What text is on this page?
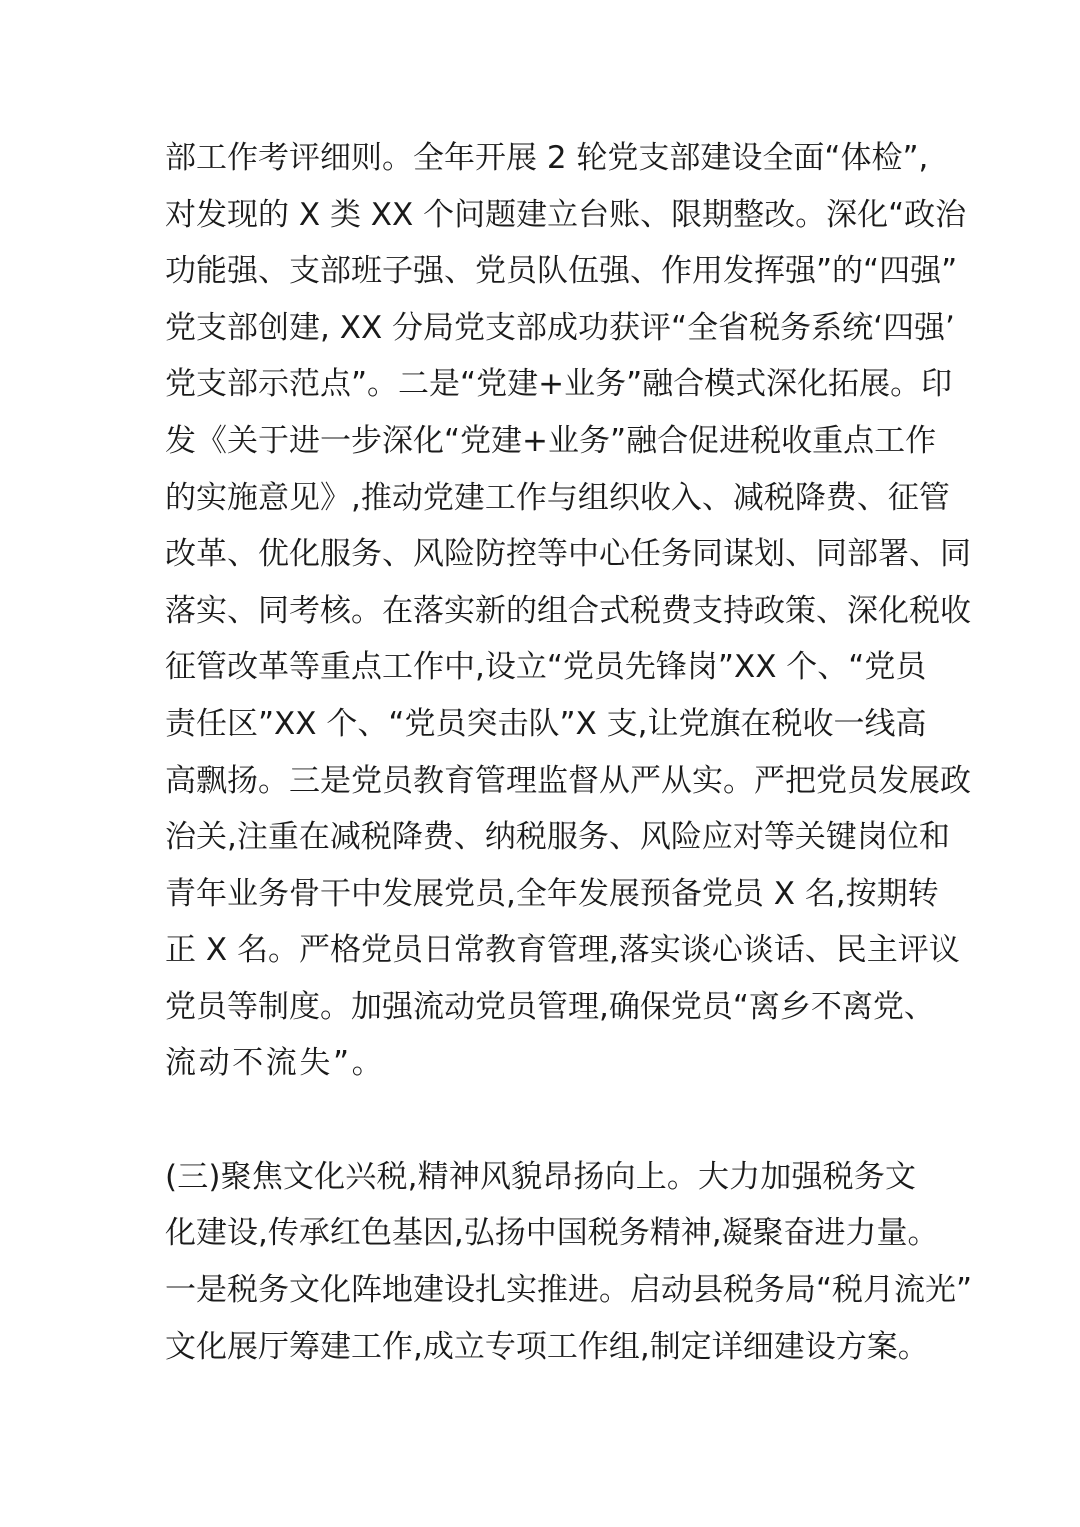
部工作考评细则。全年开展 2 轮党支部建设全面“体检”,
对发现的 X 类 XX 个问题建立台账、限期整改。深化“政治
功能强、支部班子强、党员队伍强、作用发挥强”的“四强”
党支部创建, XX 分局党支部成功获评“全省税务系统‘四强’
党支部示范点”。二是“党建+业务”融合模式深化拓展。印
发《关于进一步深化“党建+业务”融合促进税收重点工作
的实施意见》,推动党建工作与组织收入、减税降费、征管
改革、优化服务、风险防控等中心任务同谋划、同部署、同
落实、同考核。在落实新的组合式税费支持政策、深化税收
征管改革等重点工作中,设立“党员先锋岗”XX 个、“党员
责任区”XX 个、“党员突击队”X 支,让党旗在税收一线高
高飘扬。三是党员教育管理监督从严从实。严把党员发展政
治关,注重在减税降费、纳税服务、风险应对等关键岗位和
青年业务骨干中发展党员,全年发展预备党员 X 名,按期转
正 X 名。严格党员日常教育管理,落实谈心谈话、民主评议
党员等制度。加强流动党员管理,确保党员“离乡不离党、
流动不流失”。
(三)聚焦文化兴税,精神风貌昂扬向上。大力加强税务文
化建设,传承红色基因,弘扬中国税务精神,凝聚奋进力量。
一是税务文化阵地建设扎实推进。启动县税务局“税月流光”
文化展厅筹建工作,成立专项工作组,制定详细建设方案。
